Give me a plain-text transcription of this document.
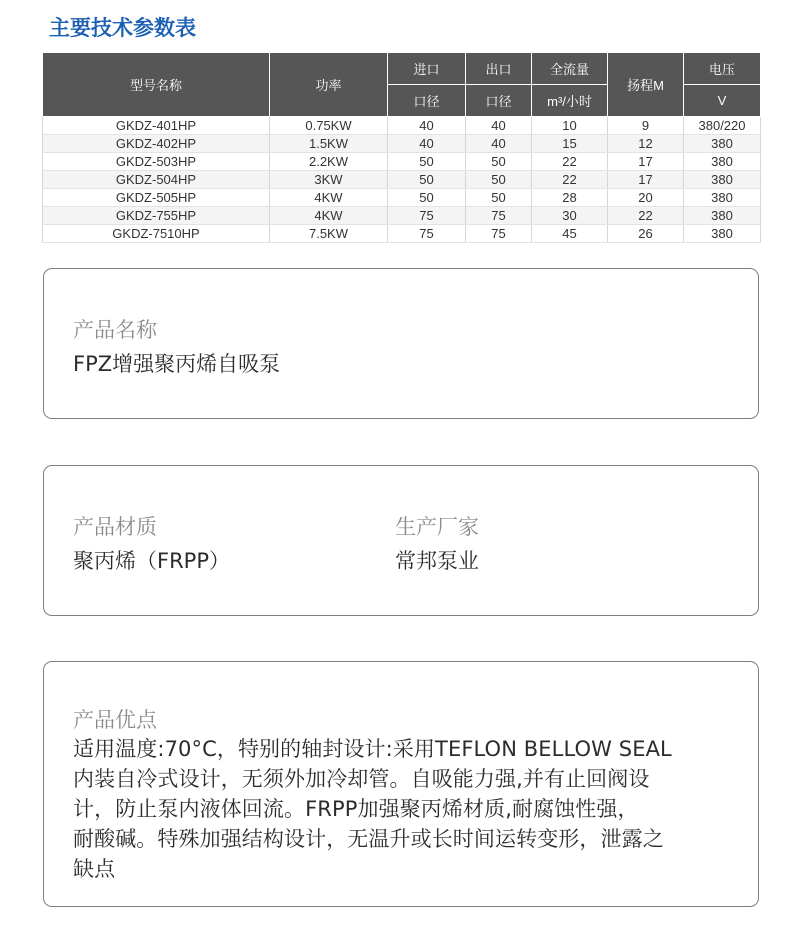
主要技术参数表
型号名称	功率	进口	出口	全流量	扬程M	电压
		口径	口径	m³/小时		V
GKDZ-401HP	0.75KW	40	40	10	9	380/220
GKDZ-402HP	1.5KW	40	40	15	12	380
GKDZ-503HP	2.2KW	50	50	22	17	380
GKDZ-504HP	3KW	50	50	22	17	380
GKDZ-505HP	4KW	50	50	28	20	380
GKDZ-755HP	4KW	75	75	30	22	380
GKDZ-7510HP	7.5KW	75	75	45	26	380
产品名称
FPZ增强聚丙烯自吸泵
产品材质
聚丙烯（FRPP）
生产厂家
常邦泵业
产品优点
适用温度:70°C，特别的轴封设计:采用TEFLON BELLOW SEAL
内装自冷式设计，无须外加冷却管。自吸能力强,并有止回阀设
计，防止泵内液体回流。FRPP加强聚丙烯材质,耐腐蚀性强，
耐酸碱。特殊加强结构设计，无温升或长时间运转变形，泄露之
缺点
